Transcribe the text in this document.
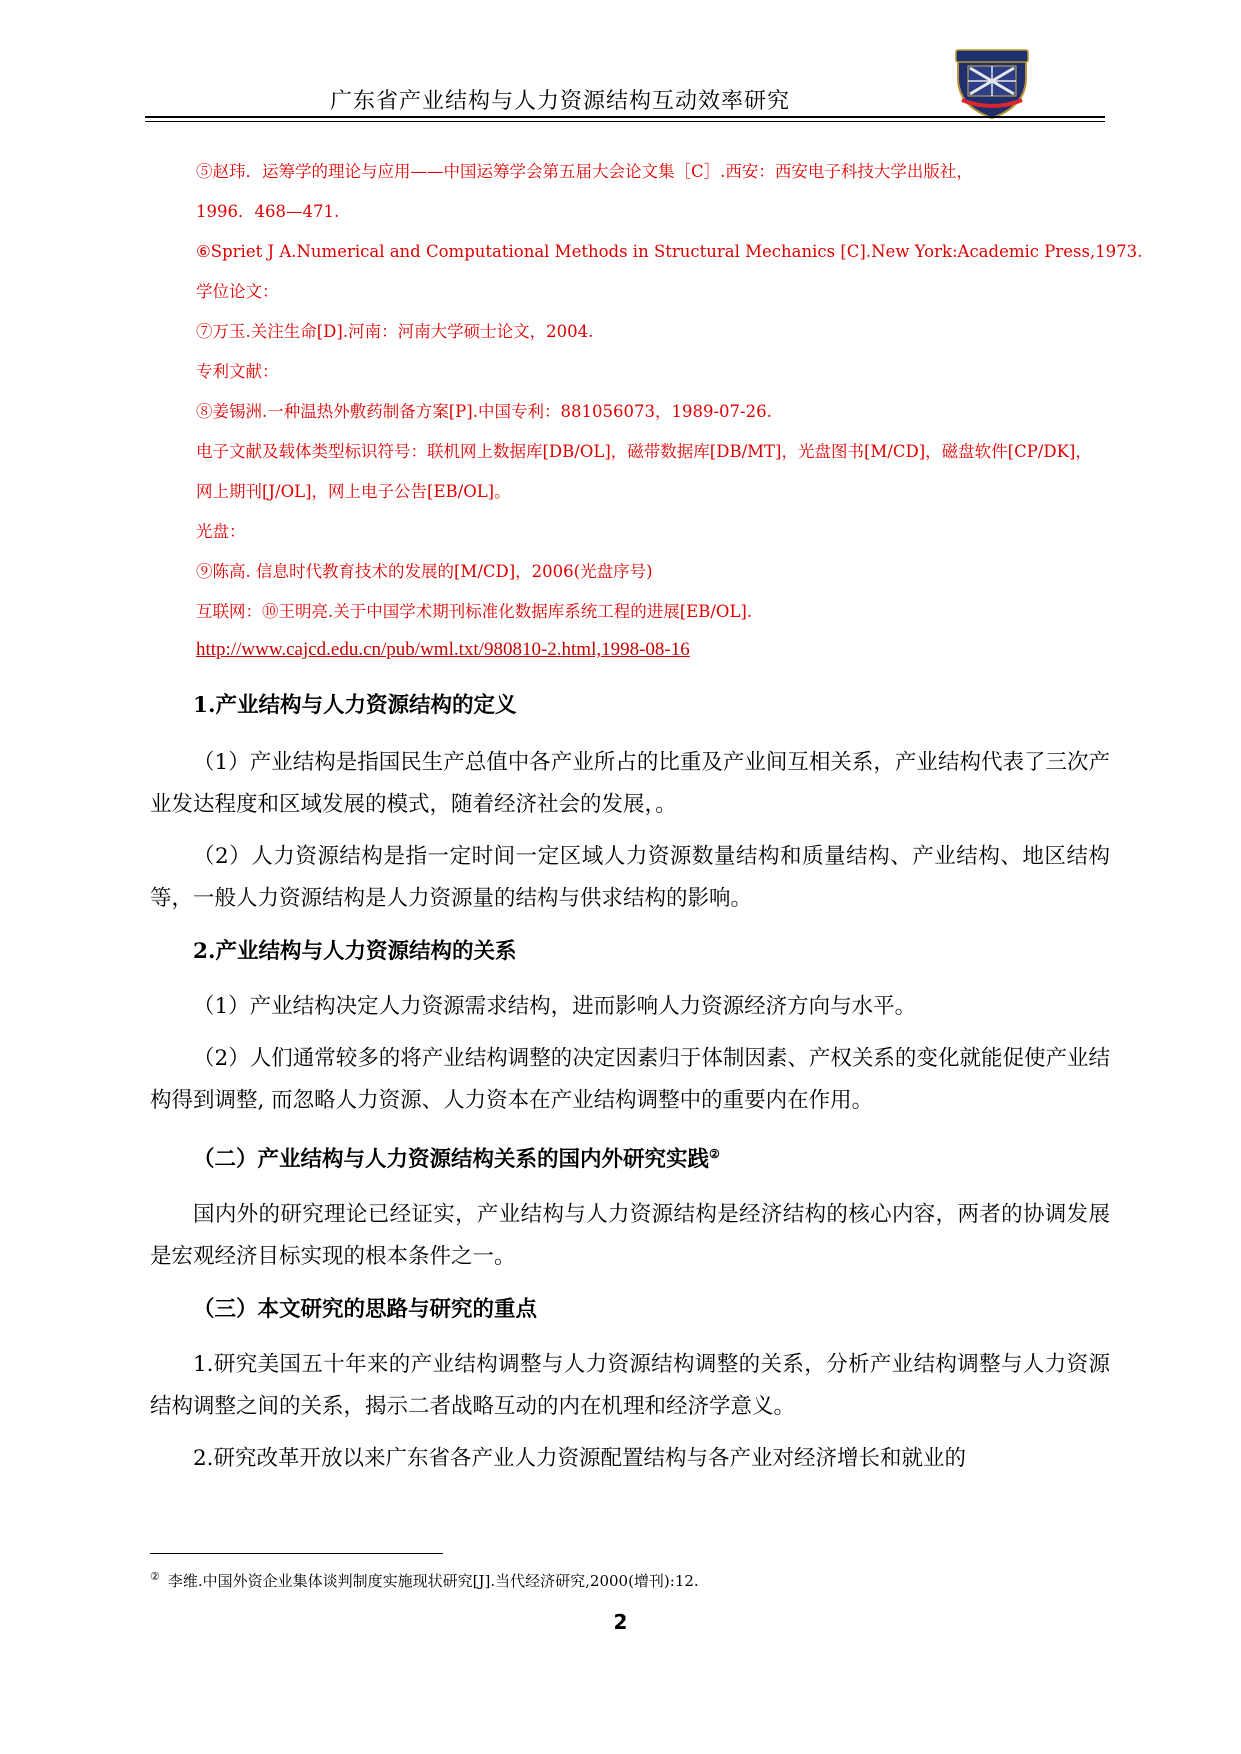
广东省产业结构与人力资源结构互动效率研究

⑤赵玮．运筹学的理论与应用——中国运筹学会第五届大会论文集［C］.西安：西安电子科技大学出版社，

1996．468—471.

⑥Spriet J A.Numerical and Computational Methods in Structural Mechanics [C].New York:Academic Press,1973.

学位论文：

⑦万玉.关注生命[D].河南：河南大学硕士论文，2004.

专利文献：

⑧姜锡洲.一种温热外敷药制备方案[P].中国专利：881056073，1989-07-26.

电子文献及载体类型标识符号：联机网上数据库[DB/OL]，磁带数据库[DB/MT]，光盘图书[M/CD]，磁盘软件[CP/DK]，

网上期刊[J/OL]，网上电子公告[EB/OL]。

光盘：

⑨陈高. 信息时代教育技术的发展的[M/CD]，2006(光盘序号)

互联网：⑩王明亮.关于中国学术期刊标准化数据库系统工程的进展[EB/OL].

http://www.cajcd.edu.cn/pub/wml.txt/980810-2.html,1998-08-16

1.产业结构与人力资源结构的定义

（1）产业结构是指国民生产总值中各产业所占的比重及产业间互相关系，产业结构代表了三次产业发达程度和区域发展的模式，随着经济社会的发展，。

（2）人力资源结构是指一定时间一定区域人力资源数量结构和质量结构、产业结构、地区结构等，一般人力资源结构是人力资源量的结构与供求结构的影响。

2.产业结构与人力资源结构的关系

（1）产业结构决定人力资源需求结构，进而影响人力资源经济方向与水平。

（2）人们通常较多的将产业结构调整的决定因素归于体制因素、产权关系的变化就能促使产业结构得到调整, 而忽略人力资源、人力资本在产业结构调整中的重要内在作用。

（二）产业结构与人力资源结构关系的国内外研究实践②

国内外的研究理论已经证实，产业结构与人力资源结构是经济结构的核心内容，两者的协调发展是宏观经济目标实现的根本条件之一。

（三）本文研究的思路与研究的重点

1.研究美国五十年来的产业结构调整与人力资源结构调整的关系，分析产业结构调整与人力资源结构调整之间的关系，揭示二者战略互动的内在机理和经济学意义。

2.研究改革开放以来广东省各产业人力资源配置结构与各产业对经济增长和就业的

② 李维.中国外资企业集体谈判制度实施现状研究[J].当代经济研究,2000(增刊):12.
2
